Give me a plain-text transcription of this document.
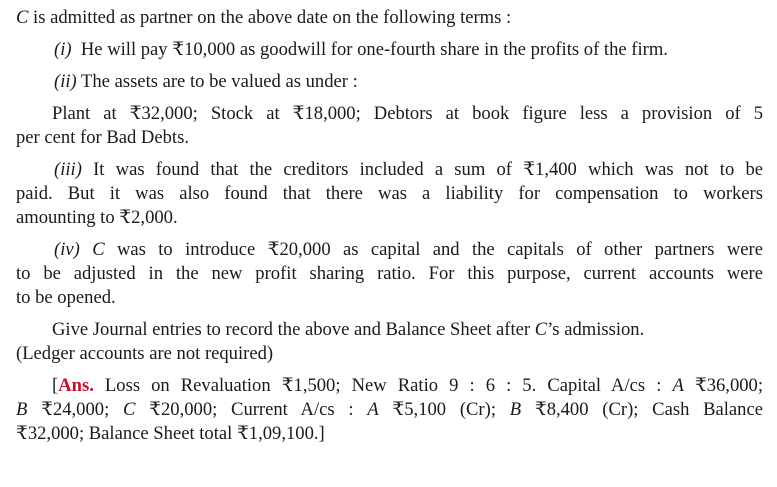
C is admitted as partner on the above date on the following terms :
(i) He will pay ₹10,000 as goodwill for one-fourth share in the profits of the firm.
(ii) The assets are to be valued as under :
Plant at ₹32,000; Stock at ₹18,000; Debtors at book figure less a provision of 5
per cent for Bad Debts.
(iii) It was found that the creditors included a sum of ₹1,400 which was not to be
paid. But it was also found that there was a liability for compensation to workers
amounting to ₹2,000.
(iv) C was to introduce ₹20,000 as capital and the capitals of other partners were
to be adjusted in the new profit sharing ratio. For this purpose, current accounts were
to be opened.
Give Journal entries to record the above and Balance Sheet after C’s admission.
(Ledger accounts are not required)
[Ans. Loss on Revaluation ₹1,500; New Ratio 9 : 6 : 5. Capital A/cs : A ₹36,000;
B ₹24,000; C ₹20,000; Current A/cs : A ₹5,100 (Cr); B ₹8,400 (Cr); Cash Balance
₹32,000; Balance Sheet total ₹1,09,100.]
